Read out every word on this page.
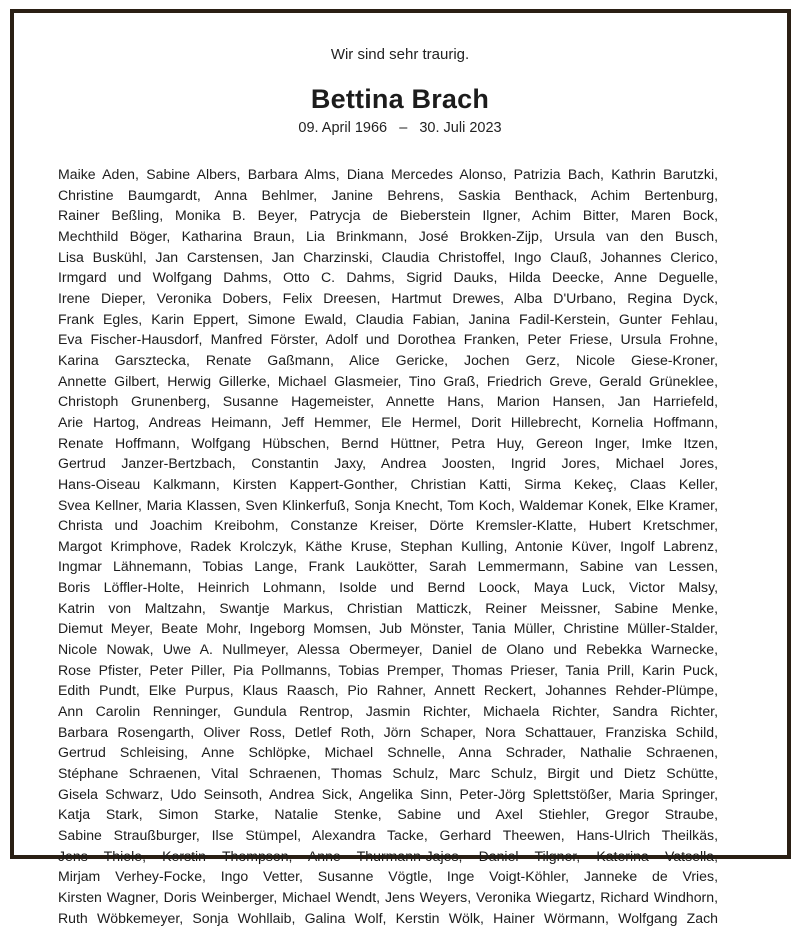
Wir sind sehr traurig.
Bettina Brach
09. April 1966 – 30. Juli 2023
Maike Aden, Sabine Albers, Barbara Alms, Diana Mercedes Alonso, Patrizia Bach, Kathrin Barutzki,
Christine Baumgardt, Anna Behlmer, Janine Behrens, Saskia Benthack, Achim Bertenburg,
Rainer Beßling, Monika B. Beyer, Patrycja de Bieberstein Ilgner, Achim Bitter, Maren Bock,
Mechthild Böger, Katharina Braun, Lia Brinkmann, José Brokken-Zijp, Ursula van den Busch,
Lisa Buskühl, Jan Carstensen, Jan Charzinski, Claudia Christoffel, Ingo Clauß, Johannes Clerico,
Irmgard und Wolfgang Dahms, Otto C. Dahms, Sigrid Dauks, Hilda Deecke, Anne Deguelle,
Irene Dieper, Veronika Dobers, Felix Dreesen, Hartmut Drewes, Alba D'Urbano, Regina Dyck,
Frank Egles, Karin Eppert, Simone Ewald, Claudia Fabian, Janina Fadil-Kerstein, Gunter Fehlau,
Eva Fischer-Hausdorf, Manfred Förster, Adolf und Dorothea Franken, Peter Friese, Ursula Frohne,
Karina Garsztecka, Renate Gaßmann, Alice Gericke, Jochen Gerz, Nicole Giese-Kroner,
Annette Gilbert, Herwig Gillerke, Michael Glasmeier, Tino Graß, Friedrich Greve, Gerald Grüneklee,
Christoph Grunenberg, Susanne Hagemeister, Annette Hans, Marion Hansen, Jan Harriefeld,
Arie Hartog, Andreas Heimann, Jeff Hemmer, Ele Hermel, Dorit Hillebrecht, Kornelia Hoffmann,
Renate Hoffmann, Wolfgang Hübschen, Bernd Hüttner, Petra Huy, Gereon Inger, Imke Itzen,
Gertrud Janzer-Bertzbach, Constantin Jaxy, Andrea Joosten, Ingrid Jores, Michael Jores,
Hans-Oiseau Kalkmann, Kirsten Kappert-Gonther, Christian Katti, Sirma Kekeç, Claas Keller,
Svea Kellner, Maria Klassen, Sven Klinkerfuß, Sonja Knecht, Tom Koch, Waldemar Konek, Elke Kramer,
Christa und Joachim Kreibohm, Constanze Kreiser, Dörte Kremsler-Klatte, Hubert Kretschmer,
Margot Krimphove, Radek Krolczyk, Käthe Kruse, Stephan Kulling, Antonie Küver, Ingolf Labrenz,
Ingmar Lähnemann, Tobias Lange, Frank Laukötter, Sarah Lemmermann, Sabine van Lessen,
Boris Löffler-Holte, Heinrich Lohmann, Isolde und Bernd Loock, Maya Luck, Victor Malsy,
Katrin von Maltzahn, Swantje Markus, Christian Matticzk, Reiner Meissner, Sabine Menke,
Diemut Meyer, Beate Mohr, Ingeborg Momsen, Jub Mönster, Tania Müller, Christine Müller-Stalder,
Nicole Nowak, Uwe A. Nullmeyer, Alessa Obermeyer, Daniel de Olano und Rebekka Warnecke,
Rose Pfister, Peter Piller, Pia Pollmanns, Tobias Premper, Thomas Prieser, Tania Prill, Karin Puck,
Edith Pundt, Elke Purpus, Klaus Raasch, Pio Rahner, Annett Reckert, Johannes Rehder-Plümpe,
Ann Carolin Renninger, Gundula Rentrop, Jasmin Richter, Michaela Richter, Sandra Richter,
Barbara Rosengarth, Oliver Ross, Detlef Roth, Jörn Schaper, Nora Schattauer, Franziska Schild,
Gertrud Schleising, Anne Schlöpke, Michael Schnelle, Anna Schrader, Nathalie Schraenen,
Stéphane Schraenen, Vital Schraenen, Thomas Schulz, Marc Schulz, Birgit und Dietz Schütte,
Gisela Schwarz, Udo Seinsoth, Andrea Sick, Angelika Sinn, Peter-Jörg Splettstößer, Maria Springer,
Katja Stark, Simon Starke, Natalie Stenke, Sabine und Axel Stiehler, Gregor Straube,
Sabine Straußburger, Ilse Stümpel, Alexandra Tacke, Gerhard Theewen, Hans-Ulrich Theilkäs,
Jens Thiele, Kerstin Thompson, Anne Thurmann-Jajes, Daniel Tilgner, Katerina Vatsella,
Mirjam Verhey-Focke, Ingo Vetter, Susanne Vögtle, Inge Voigt-Köhler, Janneke de Vries,
Kirsten Wagner, Doris Weinberger, Michael Wendt, Jens Weyers, Veronika Wiegartz, Richard Windhorn,
Ruth Wöbkemeyer, Sonja Wohllaib, Galina Wolf, Kerstin Wölk, Hainer Wörmann, Wolfgang Zach
